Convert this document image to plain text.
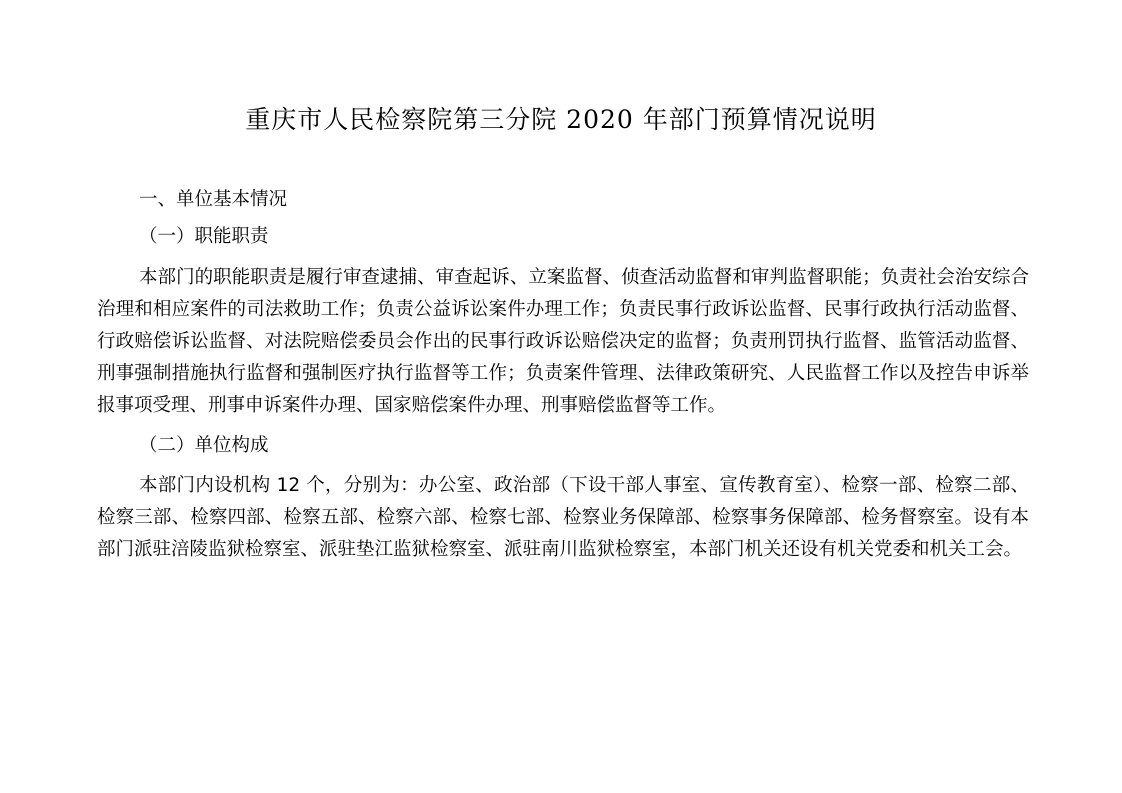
重庆市人民检察院第三分院 2020 年部门预算情况说明

一、单位基本情况

（一）职能职责

本部门的职能职责是履行审查逮捕、审查起诉、立案监督、侦查活动监督和审判监督职能；负责社会治安综合治理和相应案件的司法救助工作；负责公益诉讼案件办理工作；负责民事行政诉讼监督、民事行政执行活动监督、行政赔偿诉讼监督、对法院赔偿委员会作出的民事行政诉讼赔偿决定的监督；负责刑罚执行监督、监管活动监督、刑事强制措施执行监督和强制医疗执行监督等工作；负责案件管理、法律政策研究、人民监督工作以及控告申诉举报事项受理、刑事申诉案件办理、国家赔偿案件办理、刑事赔偿监督等工作。

（二）单位构成

本部门内设机构 12 个，分别为：办公室、政治部（下设干部人事室、宣传教育室）、检察一部、检察二部、检察三部、检察四部、检察五部、检察六部、检察七部、检察业务保障部、检察事务保障部、检务督察室。设有本部门派驻涪陵监狱检察室、派驻垫江监狱检察室、派驻南川监狱检察室，本部门机关还设有机关党委和机关工会。
